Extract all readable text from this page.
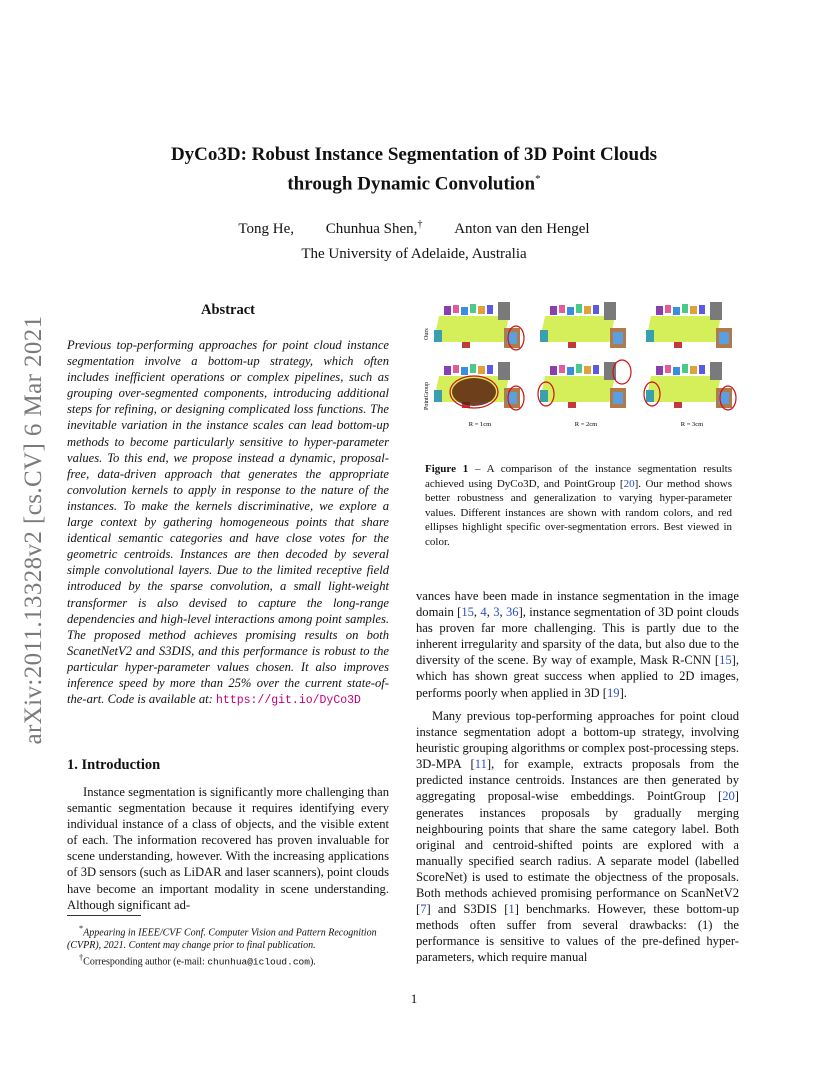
arXiv:2011.13328v2 [cs.CV] 6 Mar 2021
DyCo3D: Robust Instance Segmentation of 3D Point Clouds
through Dynamic Convolution*
Tong He, Chunhua Shen,† Anton van den Hengel
The University of Adelaide, Australia
Abstract
Previous top-performing approaches for point cloud instance segmentation involve a bottom-up strategy, which often includes inefficient operations or complex pipelines, such as grouping over-segmented components, introducing additional steps for refining, or designing complicated loss functions. The inevitable variation in the instance scales can lead bottom-up methods to become particularly sensitive to hyper-parameter values. To this end, we propose instead a dynamic, proposal-free, data-driven approach that generates the appropriate convolution kernels to apply in response to the nature of the instances. To make the kernels discriminative, we explore a large context by gathering homogeneous points that share identical semantic categories and have close votes for the geometric centroids. Instances are then decoded by several simple convolutional layers. Due to the limited receptive field introduced by the sparse convolution, a small light-weight transformer is also devised to capture the long-range dependencies and high-level interactions among point samples. The proposed method achieves promising results on both ScanetNetV2 and S3DIS, and this performance is robust to the particular hyper-parameter values chosen. It also improves inference speed by more than 25% over the current state-of-the-art. Code is available at: https://git.io/DyCo3D
1. Introduction
Instance segmentation is significantly more challenging than semantic segmentation because it requires identifying every individual instance of a class of objects, and the visible extent of each. The information recovered has proven invaluable for scene understanding, however. With the increasing applications of 3D sensors (such as LiDAR and laser scanners), point clouds have become an important modality in scene understanding. Although significant ad-
*Appearing in IEEE/CVF Conf. Computer Vision and Pattern Recognition (CVPR), 2021. Content may change prior to final publication.
†Corresponding author (e-mail: chunhua@icloud.com).
Ours
PointGroup
R = 1cm	R = 2cm	R = 3cm
Figure 1 – A comparison of the instance segmentation results achieved using DyCo3D, and PointGroup [20]. Our method shows better robustness and generalization to varying hyper-parameter values. Different instances are shown with random colors, and red ellipses highlight specific over-segmentation errors. Best viewed in color.
vances have been made in instance segmentation in the image domain [15, 4, 3, 36], instance segmentation of 3D point clouds has proven far more challenging. This is partly due to the inherent irregularity and sparsity of the data, but also due to the diversity of the scene. By way of example, Mask R-CNN [15], which has shown great success when applied to 2D images, performs poorly when applied in 3D [19].
Many previous top-performing approaches for point cloud instance segmentation adopt a bottom-up strategy, involving heuristic grouping algorithms or complex post-processing steps. 3D-MPA [11], for example, extracts proposals from the predicted instance centroids. Instances are then generated by aggregating proposal-wise embeddings. PointGroup [20] generates instances proposals by gradually merging neighbouring points that share the same category label. Both original and centroid-shifted points are explored with a manually specified search radius. A separate model (labelled ScoreNet) is used to estimate the objectness of the proposals. Both methods achieved promising performance on ScanNetV2 [7] and S3DIS [1] benchmarks. However, these bottom-up methods often suffer from several drawbacks: (1) the performance is sensitive to values of the pre-defined hyper-parameters, which require manual
1
